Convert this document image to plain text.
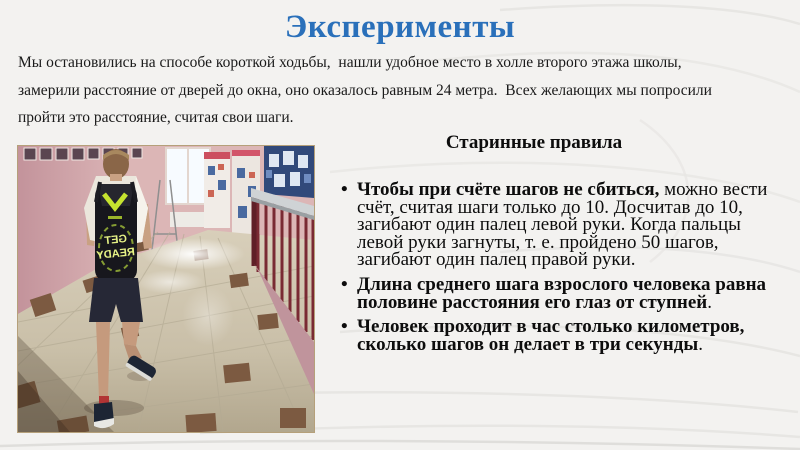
Эксперименты
Мы остановились на способе короткой ходьбы,  нашли удобное место в холле второго этажа школы,
замерили расстояние от дверей до окна, оно оказалось равным 24 метра.  Всех желающих мы попросили
пройти это расстояние, считая свои шаги.
GET
READY
Старинные правила
• Чтобы при счёте шагов не сбиться, можно вести счёт, считая шаги только до 10. Досчитав до 10, загибают один палец левой руки. Когда пальцы левой руки загнуты, т. е. пройдено 50 шагов, загибают один палец правой руки.
• Длина среднего шага взрослого человека равна половине расстояния его глаз от ступней.
• Человек проходит в час столько километров, сколько шагов он делает в три секунды.
